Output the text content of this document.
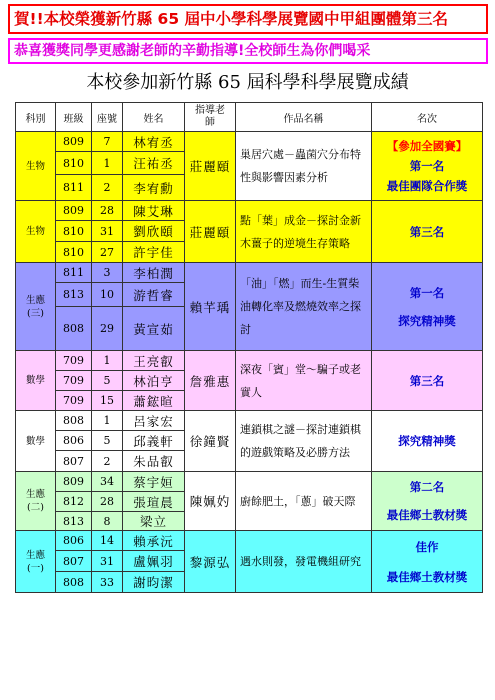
賀!!本校榮獲新竹縣 65 屆中小學科學展覽國中甲組團體第三名
恭喜獲獎同學更感謝老師的辛勤指導!全校師生為你們喝采
本校參加新竹縣 65 屆科學科學展覽成績
科別	班級	座號	姓名	指導老師	作品名稱	名次
生物	809	7	林宥丞	莊麗頤	巢居穴處－蟲菌穴分布特性與影響因素分析	【參加全國賽】
第一名
最佳團隊合作獎

	810	1	汪祐丞			
	811	2	李宥勳			
生物	809	28	陳艾琳	莊麗頤	點「葉」成金－探討金新木薑子的逆境生存策略	第三名

	810	31	劉欣頤			
	810	27	許宇佳			
生應(三)	811	3	李柏潤	賴芊瑀	「油」「燃」而生-生質柴油轉化率及燃燒效率之探討	第一名
探究精神獎

	813	10	游哲睿			
	808	29	黃宣茹			
數學	709	1	王亮叡	詹雅惠	深夜「賓」堂～騙子或老實人	第三名

	709	5	林泊亨			
	709	15	蕭鋐暄			
數學	808	1	呂家宏	徐鐘賢	連鎖棋之謎－探討連鎖棋的遊戲策略及必勝方法	探究精神獎

	806	5	邱義軒			
	807	2	朱品叡			
生應(二)	809	34	蔡宇姮	陳姵妁	廚餘肥土，「蔥」破天際	第二名
最佳鄉土教材獎

	812	28	張瑄晨			
	813	8	梁立			
生應(一)	806	14	賴承沅	黎源弘	遇水則發，發電機組研究	佳作
最佳鄉土教材獎

	807	31	盧姵羽			
	808	33	謝昀潔			
